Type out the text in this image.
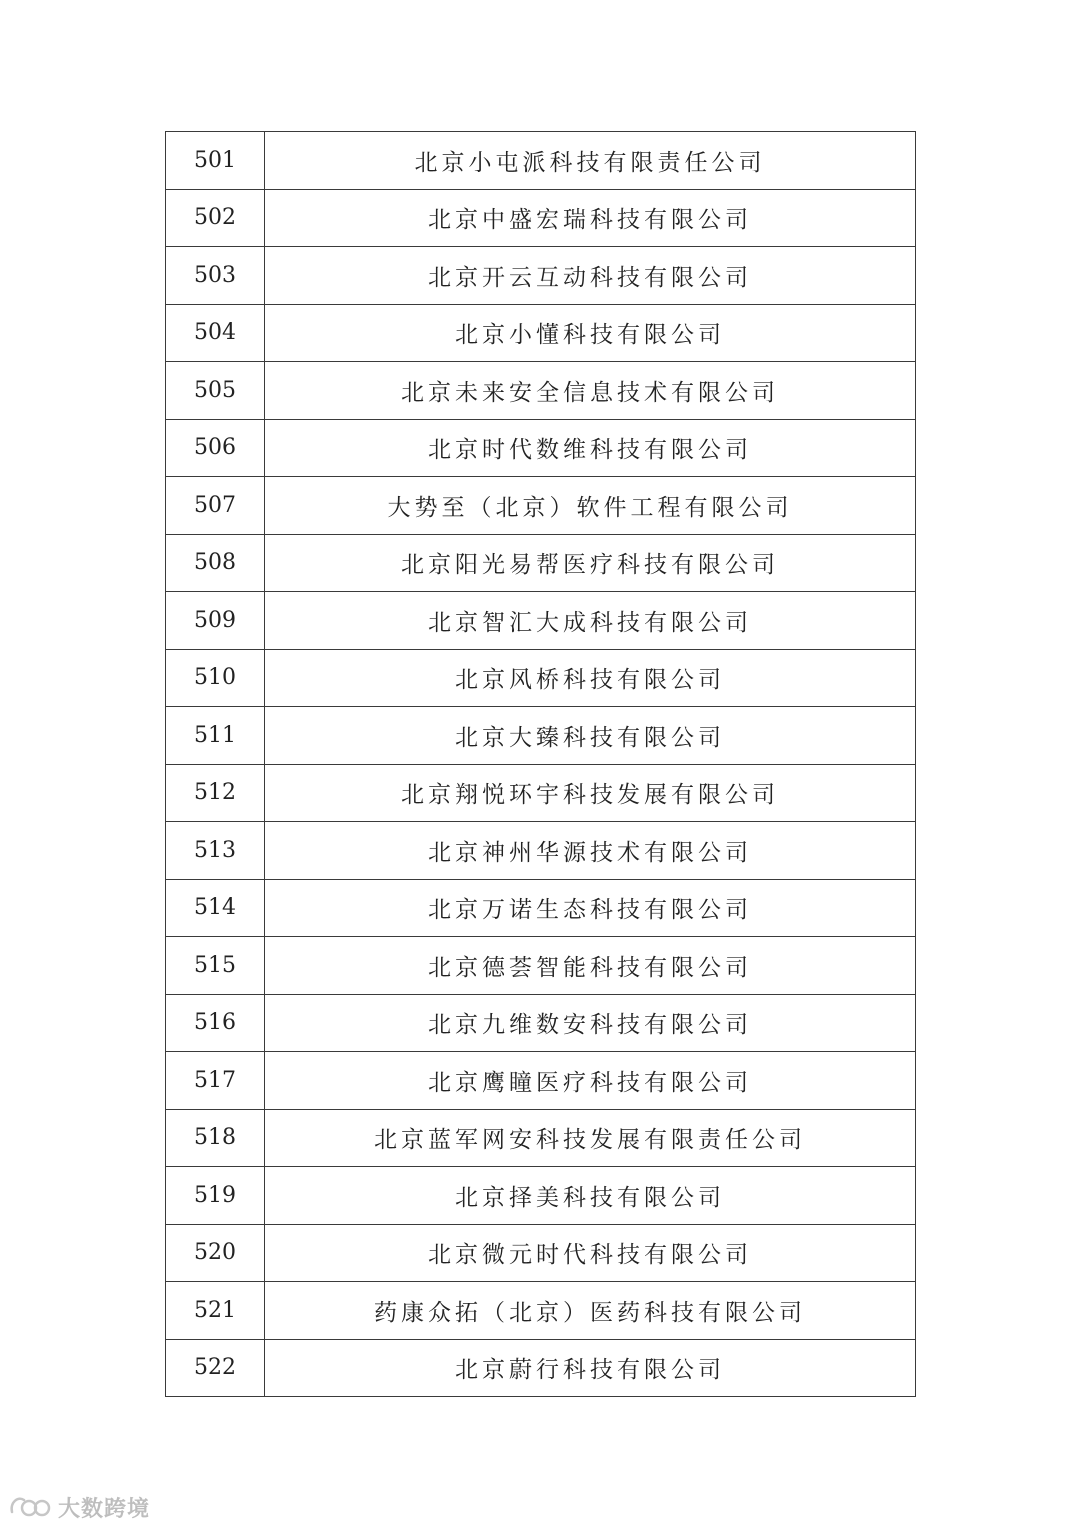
501	北京小屯派科技有限责任公司
502	北京中盛宏瑞科技有限公司
503	北京开云互动科技有限公司
504	北京小懂科技有限公司
505	北京未来安全信息技术有限公司
506	北京时代数维科技有限公司
507	大势至（北京）软件工程有限公司
508	北京阳光易帮医疗科技有限公司
509	北京智汇大成科技有限公司
510	北京风桥科技有限公司
511	北京大臻科技有限公司
512	北京翔悦环宇科技发展有限公司
513	北京神州华源技术有限公司
514	北京万诺生态科技有限公司
515	北京德荟智能科技有限公司
516	北京九维数安科技有限公司
517	北京鹰瞳医疗科技有限公司
518	北京蓝军网安科技发展有限责任公司
519	北京择美科技有限公司
520	北京微元时代科技有限公司
521	药康众拓（北京）医药科技有限公司
522	北京蔚行科技有限公司
大数跨境
